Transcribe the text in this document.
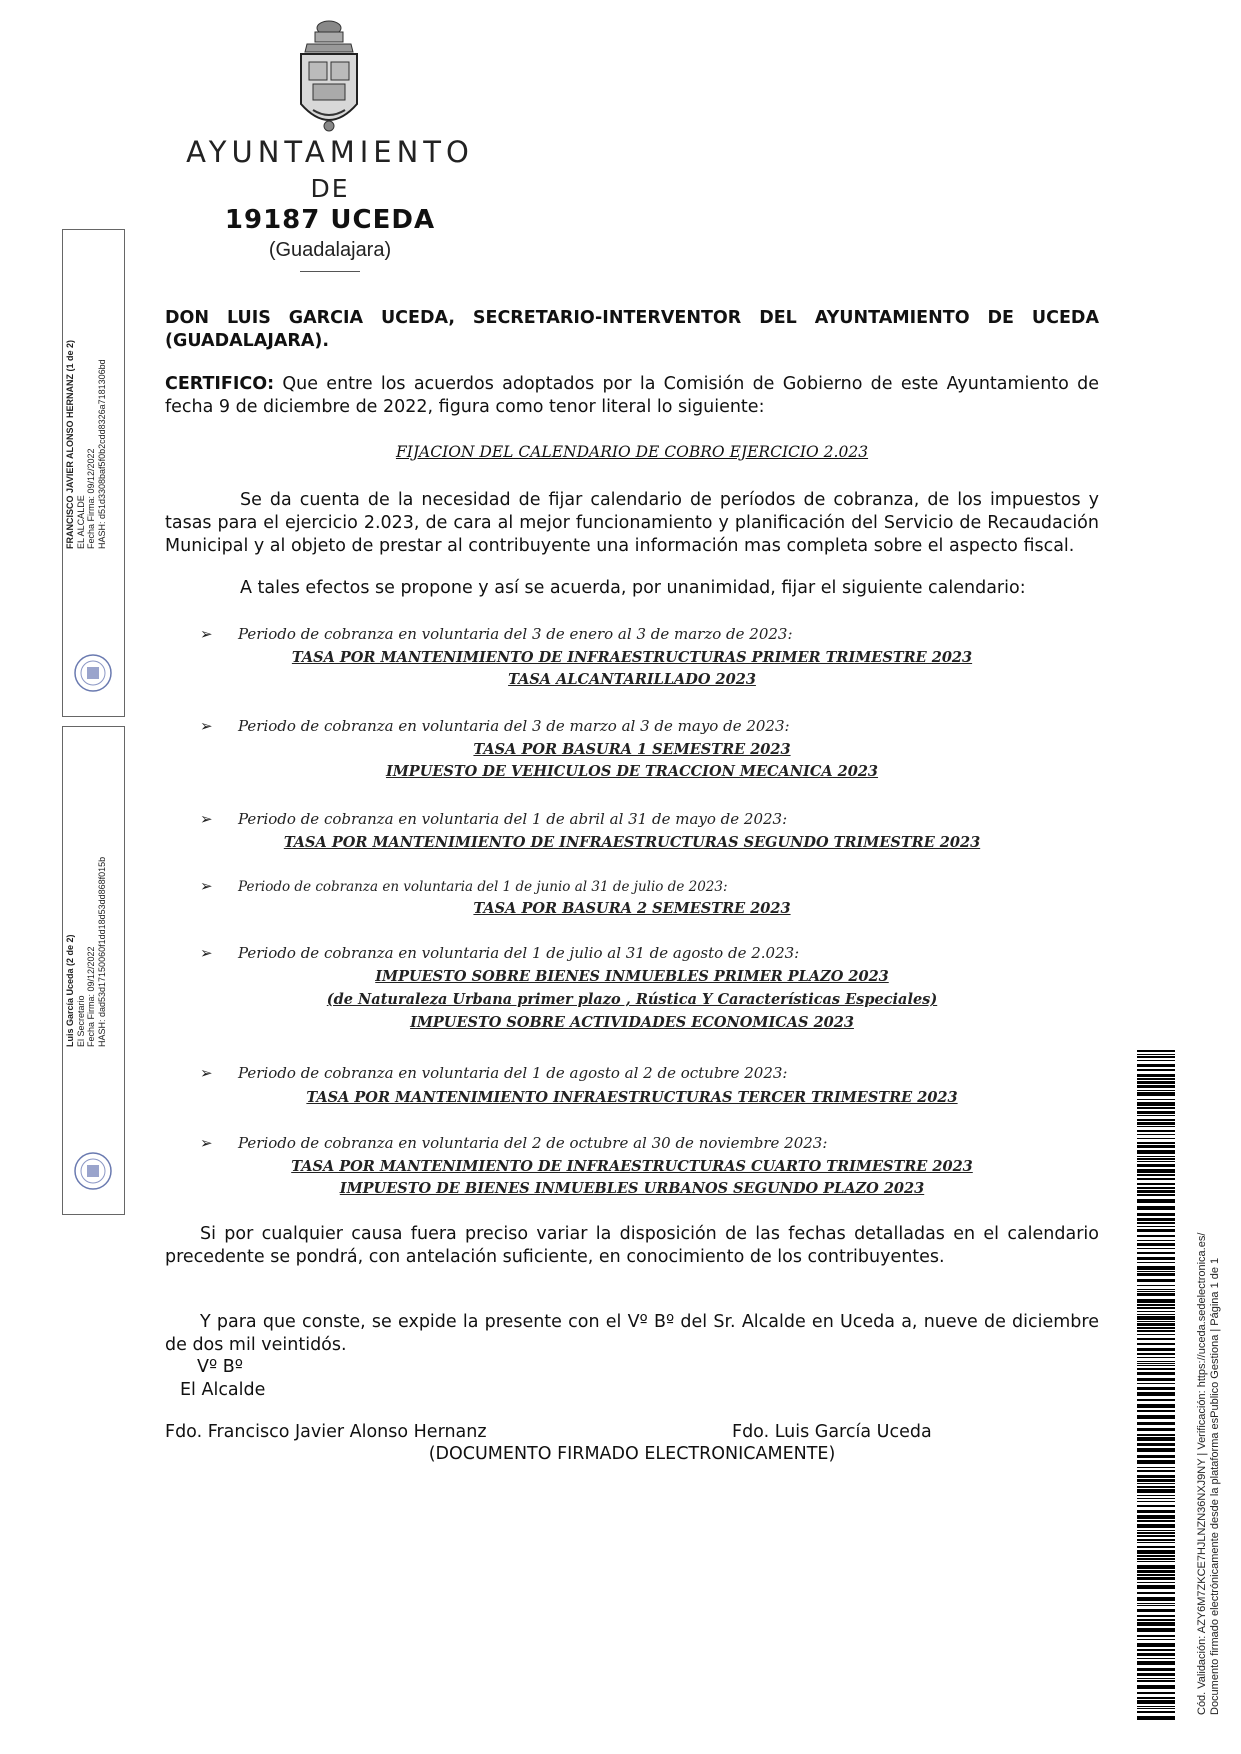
AYUNTAMIENTO
DE
19187 UCEDA
(Guadalajara)
FRANCISCO JAVIER ALONSO HERNANZ (1 de 2) EL ALCALDE Fecha Firma: 09/12/2022 HASH: d51d3308baf5f0b2cdd8326a7181306bd
Luis García Uceda (2 de 2) El Secretario Fecha Firma: 09/12/2022 HASH: dad53d17150060f1dd18d53dd868f015b
Cód. Validación: AZY6M7ZKCE7HJLNZN36NXJ9NY | Verificación: https://uceda.sedelectronica.es/ Documento firmado electrónicamente desde la plataforma esPublico Gestiona | Página 1 de 1
DON LUIS GARCIA UCEDA, SECRETARIO-INTERVENTOR DEL AYUNTAMIENTO DE UCEDA (GUADALAJARA).
CERTIFICO: Que entre los acuerdos adoptados por la Comisión de Gobierno de este Ayuntamiento de fecha 9 de diciembre de 2022, figura como tenor literal lo siguiente:
FIJACION DEL CALENDARIO DE COBRO EJERCICIO 2.023
Se da cuenta de la necesidad de fijar calendario de períodos de cobranza, de los impuestos y tasas para el ejercicio 2.023, de cara al mejor funcionamiento y planificación del Servicio de Recaudación Municipal y al objeto de prestar al contribuyente una información mas completa sobre el aspecto fiscal.
A tales efectos se propone y así se acuerda, por unanimidad, fijar el siguiente calendario:
➢ Periodo de cobranza en voluntaria del 3 de enero al 3 de marzo de 2023:
TASA POR MANTENIMIENTO DE INFRAESTRUCTURAS PRIMER TRIMESTRE 2023
TASA ALCANTARILLADO 2023
➢ Periodo de cobranza en voluntaria del 3 de marzo al 3 de mayo de 2023:
TASA POR BASURA 1 SEMESTRE 2023
IMPUESTO DE VEHICULOS DE TRACCION MECANICA 2023
➢ Periodo de cobranza en voluntaria del 1 de abril al 31 de mayo de 2023:
TASA POR MANTENIMIENTO DE INFRAESTRUCTURAS SEGUNDO TRIMESTRE 2023
➢ Periodo de cobranza en voluntaria del 1 de junio al 31 de julio de 2023:
TASA POR BASURA 2 SEMESTRE 2023
➢ Periodo de cobranza en voluntaria del 1 de julio al 31 de agosto de 2.023:
IMPUESTO SOBRE BIENES INMUEBLES PRIMER PLAZO 2023
(de Naturaleza Urbana primer plazo , Rústica Y Características Especiales)
IMPUESTO SOBRE ACTIVIDADES ECONOMICAS 2023
➢ Periodo de cobranza en voluntaria del 1 de agosto al 2 de octubre 2023:
TASA POR MANTENIMIENTO INFRAESTRUCTURAS TERCER TRIMESTRE 2023
➢ Periodo de cobranza en voluntaria del 2 de octubre al 30 de noviembre 2023:
TASA POR MANTENIMIENTO DE INFRAESTRUCTURAS CUARTO TRIMESTRE 2023
IMPUESTO DE BIENES INMUEBLES URBANOS SEGUNDO PLAZO 2023
Si por cualquier causa fuera preciso variar la disposición de las fechas detalladas en el calendario precedente se pondrá, con antelación suficiente, en conocimiento de los contribuyentes.
Y para que conste, se expide la presente con el Vº Bº del Sr. Alcalde en Uceda a, nueve de diciembre de dos mil veintidós.
Vº Bº
El Alcalde
Fdo. Francisco Javier Alonso Hernanz	Fdo. Luis García Uceda
(DOCUMENTO FIRMADO ELECTRONICAMENTE)
